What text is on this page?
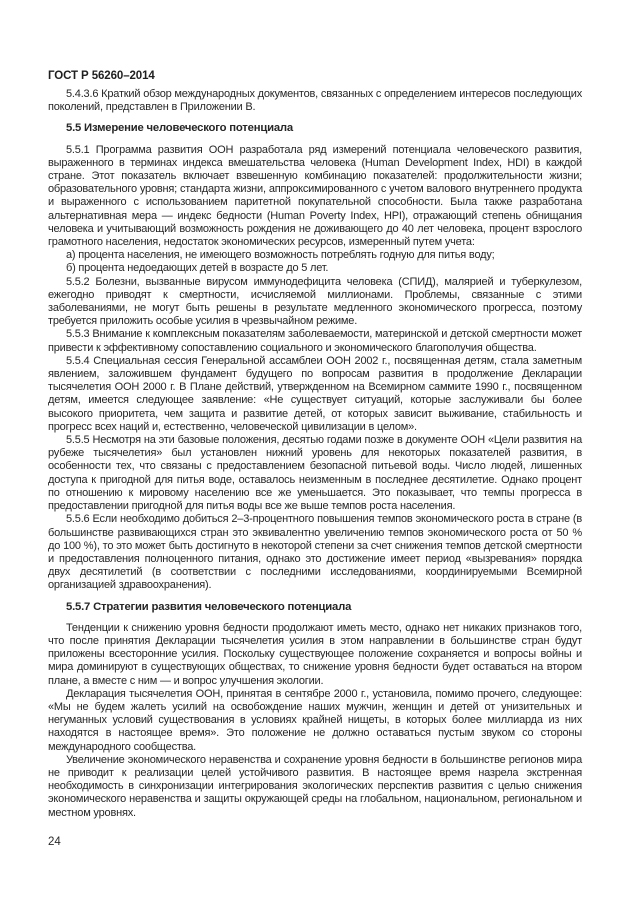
ГОСТ Р 56260–2014

5.4.3.6 Краткий обзор международных документов, связанных с определением интересов последующих поколений, представлен в Приложении В.

5.5 Измерение человеческого потенциала

5.5.1 Программа развития ООН разработала ряд измерений потенциала человеческого развития, выраженного в терминах индекса вмешательства человека (Human Development Index, HDI) в каждой стране. Этот показатель включает взвешенную комбинацию показателей: продолжительности жизни; образовательного уровня; стандарта жизни, аппроксимированного с учетом валового внутреннего продукта и выраженного с использованием паритетной покупательной способности. Была также разработана альтернативная мера — индекс бедности (Human Poverty Index, HPI), отражающий степень обнищания человека и учитывающий возможность рождения не доживающего до 40 лет человека, процент взрослого грамотного населения, недостаток экономических ресурсов, измеренный путем учета:

а) процента населения, не имеющего возможность потреблять годную для питья воду;

б) процента недоедающих детей в возрасте до 5 лет.

5.5.2 Болезни, вызванные вирусом иммунодефицита человека (СПИД), малярией и туберкулезом, ежегодно приводят к смертности, исчисляемой миллионами. Проблемы, связанные с этими заболеваниями, не могут быть решены в результате медленного экономического прогресса, поэтому требуется приложить особые усилия в чрезвычайном режиме.

5.5.3 Внимание к комплексным показателям заболеваемости, материнской и детской смертности может привести к эффективному сопоставлению социального и экономического благополучия общества.

5.5.4 Специальная сессия Генеральной ассамблеи ООН 2002 г., посвященная детям, стала заметным явлением, заложившем фундамент будущего по вопросам развития в продолжение Декларации тысячелетия ООН 2000 г. В Плане действий, утвержденном на Всемирном саммите 1990 г., посвященном детям, имеется следующее заявление: «Не существует ситуаций, которые заслуживали бы более высокого приоритета, чем защита и развитие детей, от которых зависит выживание, стабильность и прогресс всех наций и, естественно, человеческой цивилизации в целом».

5.5.5 Несмотря на эти базовые положения, десятью годами позже в документе ООН «Цели развития на рубеже тысячелетия» был установлен нижний уровень для некоторых показателей развития, в особенности тех, что связаны с предоставлением безопасной питьевой воды. Число людей, лишенных доступа к пригодной для питья воде, оставалось неизменным в последнее десятилетие. Однако процент по отношению к мировому населению все же уменьшается. Это показывает, что темпы прогресса в предоставлении пригодной для питья воды все же выше темпов роста населения.

5.5.6 Если необходимо добиться 2–3-процентного повышения темпов экономического роста в стране (в большинстве развивающихся стран это эквивалентно увеличению темпов экономического роста от 50 % до 100 %), то это может быть достигнуто в некоторой степени за счет снижения темпов детской смертности и предоставления полноценного питания, однако это достижение имеет период «вызревания» порядка двух десятилетий (в соответствии с последними исследованиями, координируемыми Всемирной организацией здравоохранения).

5.5.7 Стратегии развития человеческого потенциала

Тенденции к снижению уровня бедности продолжают иметь место, однако нет никаких признаков того, что после принятия Декларации тысячелетия усилия в этом направлении в большинстве стран будут приложены всесторонние усилия. Поскольку существующее положение сохраняется и вопросы войны и мира доминируют в существующих обществах, то снижение уровня бедности будет оставаться на втором плане, а вместе с ним — и вопрос улучшения экологии.

Декларация тысячелетия ООН, принятая в сентябре 2000 г., установила, помимо прочего, следующее: «Мы не будем жалеть усилий на освобождение наших мужчин, женщин и детей от унизительных и негуманных условий существования в условиях крайней нищеты, в которых более миллиарда из них находятся в настоящее время». Это положение не должно оставаться пустым звуком со стороны международного сообщества.

Увеличение экономического неравенства и сохранение уровня бедности в большинстве регионов мира не приводит к реализации целей устойчивого развития. В настоящее время назрела экстренная необходимость в синхронизации интегрирования экологических перспектив развития с целью снижения экономического неравенства и защиты окружающей среды на глобальном, национальном, региональном и местном уровнях.

24
